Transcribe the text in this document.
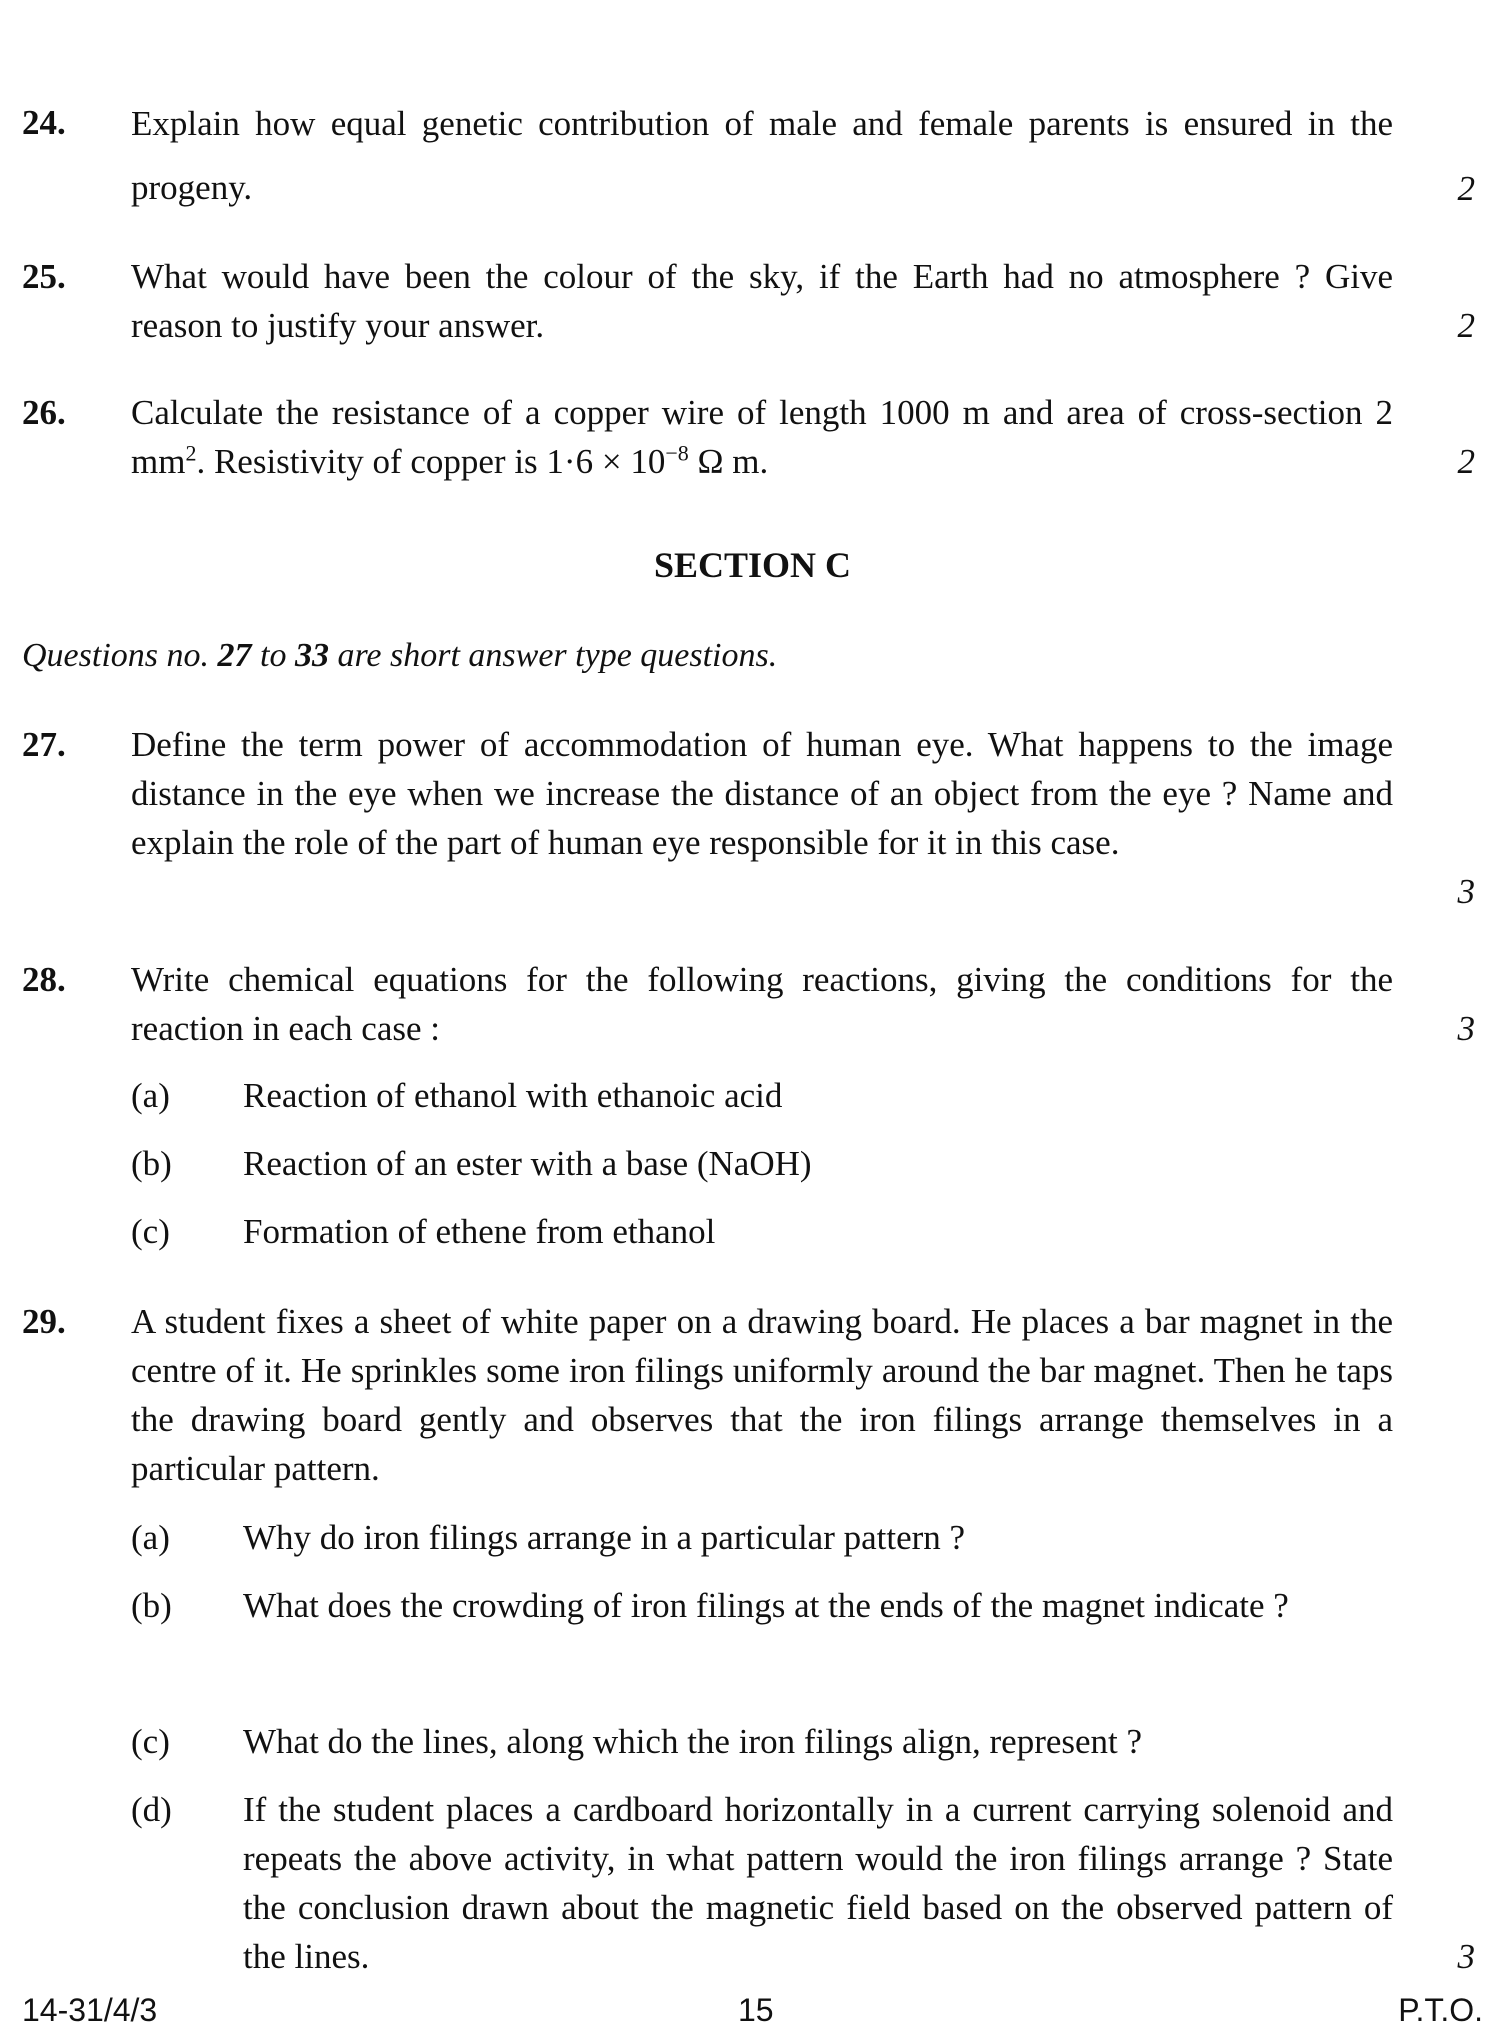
24. Explain how equal genetic contribution of male and female parents is ensured in the progeny.	2
25. What would have been the colour of the sky, if the Earth had no atmosphere ? Give reason to justify your answer.	2
26. Calculate the resistance of a copper wire of length 1000 m and area of cross-section 2 $mm^2$. Resistivity of copper is $1\cdot 6 \times 10^{-8}$ Ω m.	2
SECTION C
Questions no. 27 to 33 are short answer type questions.
27. Define the term power of accommodation of human eye. What happens to the image distance in the eye when we increase the distance of an object from the eye ? Name and explain the role of the part of human eye responsible for it in this case.
3
28. Write chemical equations for the following reactions, giving the conditions for the reaction in each case :	3
(a) Reaction of ethanol with ethanoic acid
(b) Reaction of an ester with a base (NaOH)
(c) Formation of ethene from ethanol
29. A student fixes a sheet of white paper on a drawing board. He places a bar magnet in the centre of it. He sprinkles some iron filings uniformly around the bar magnet. Then he taps the drawing board gently and observes that the iron filings arrange themselves in a particular pattern.
(a) Why do iron filings arrange in a particular pattern ?
(b) What does the crowding of iron filings at the ends of the magnet indicate ?
(c) What do the lines, along which the iron filings align, represent ?
(d) If the student places a cardboard horizontally in a current carrying solenoid and repeats the above activity, in what pattern would the iron filings arrange ? State the conclusion drawn about the magnetic field based on the observed pattern of the lines.	3
14-31/4/3	15	P.T.O.
